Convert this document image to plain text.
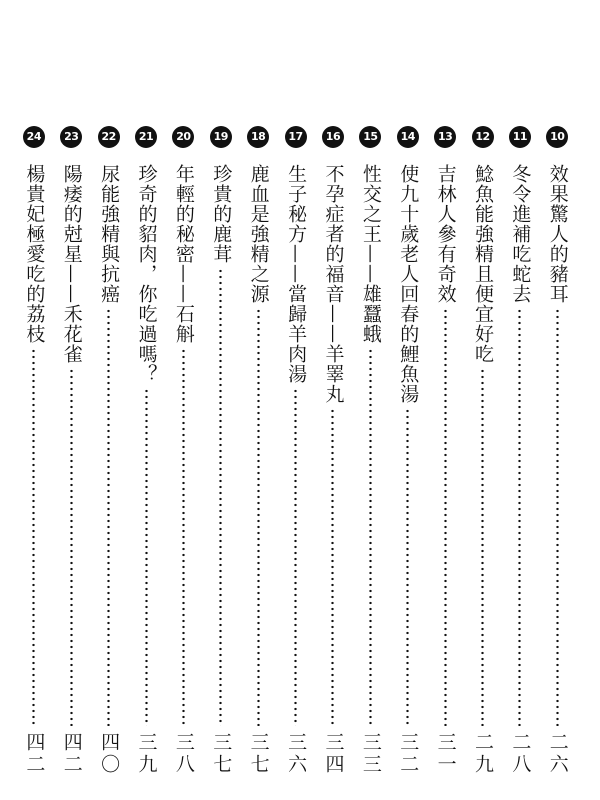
10
效果驚人的豬耳
二六
11
冬令進補吃蛇去
二八
12
鯰魚能強精且便宜好吃
二九
13
吉林人參有奇效
三一
14
使九十歲老人回春的鯉魚湯
三二
15
性交之王——雄蠶蛾
三三
16
不孕症者的福音——羊睪丸
三四
17
生子秘方——當歸羊肉湯
三六
18
鹿血是強精之源
三七
19
珍貴的鹿茸
三七
20
年輕的秘密——石斛
三八
21
珍奇的貂肉，你吃過嗎？
三九
22
尿能強精與抗癌
四〇
23
陽痿的尅星——禾花雀
四二
24
楊貴妃極愛吃的荔枝
四二
